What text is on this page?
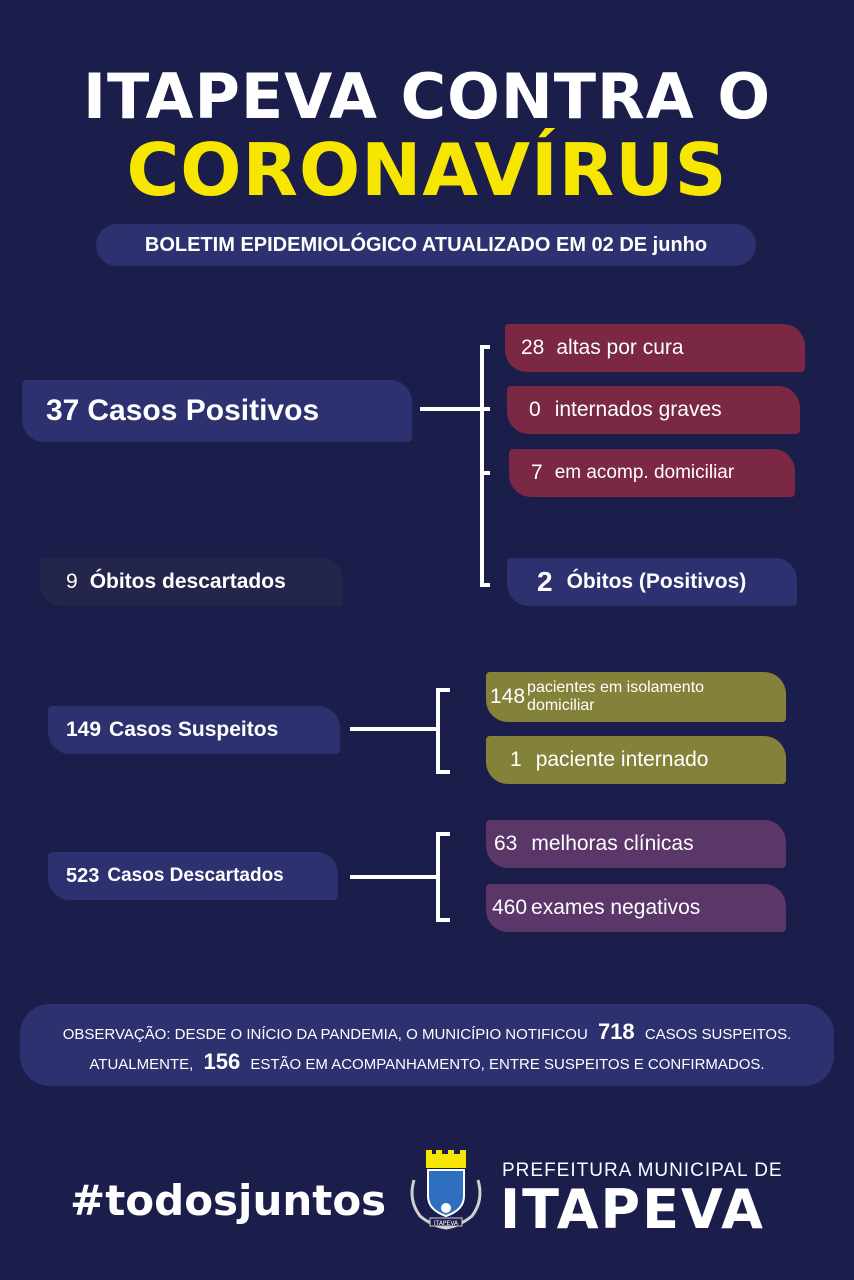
ITAPEVA CONTRA O
CORONAVÍRUS
BOLETIM EPIDEMIOLÓGICO ATUALIZADO EM 02 DE junho
37 Casos Positivos
28 altas por cura
0 internados graves
7 em acomp. domiciliar
2 Óbitos (Positivos)
9 Óbitos descartados
149 Casos Suspeitos
148 pacientes em isolamento domiciliar
1 paciente internado
523 Casos Descartados
63 melhoras clínicas
460 exames negativos
OBSERVAÇÃO: DESDE O INÍCIO DA PANDEMIA, O MUNICÍPIO NOTIFICOU 718 CASOS SUSPEITOS.
ATUALMENTE, 156 ESTÃO EM ACOMPANHAMENTO, ENTRE SUSPEITOS E CONFIRMADOS.
#todosjuntos	ITAPEVA
PREFEITURA MUNICIPAL DE
ITAPEVA
